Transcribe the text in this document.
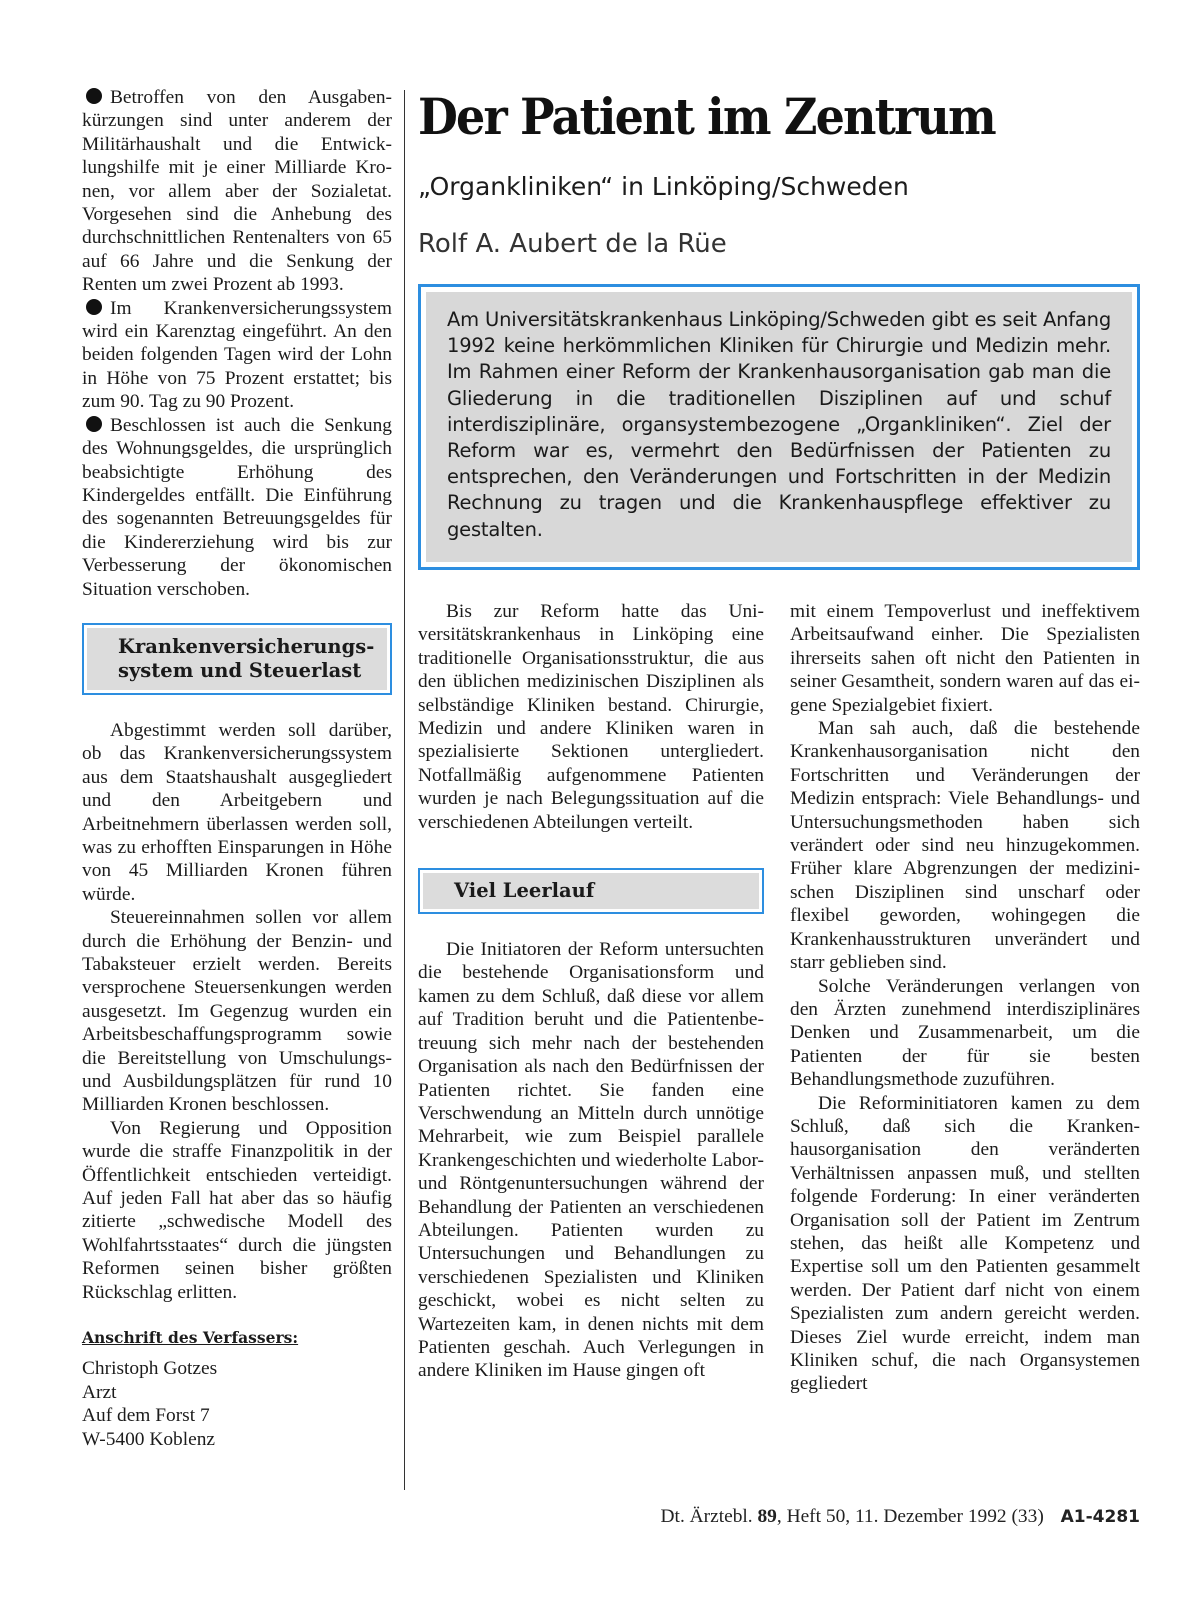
Betroffen von den Ausgabenkürzungen sind unter anderem der Militärhaushalt und die Entwicklungshilfe mit je einer Milliarde Kronen, vor allem aber der Sozialetat. Vorgesehen sind die Anhebung des durchschnittlichen Rentenalters von 65 auf 66 Jahre und die Senkung der Renten um zwei Prozent ab 1993.

Im Krankenversicherungssystem wird ein Karenztag eingeführt. An den beiden folgenden Tagen wird der Lohn in Höhe von 75 Prozent erstattet; bis zum 90. Tag zu 90 Prozent.

Beschlossen ist auch die Senkung des Wohnungsgeldes, die ursprünglich beabsichtigte Erhöhung des Kindergeldes entfällt. Die Einführung des sogenannten Betreuungsgeldes für die Kindererziehung wird bis zur Verbesserung der ökonomischen Situation verschoben.

Krankenversicherungssystem und Steuerlast

Abgestimmt werden soll darüber, ob das Krankenversicherungssystem aus dem Staatshaushalt ausgegliedert und den Arbeitgebern und Arbeitnehmern überlassen werden soll, was zu erhofften Einsparungen in Höhe von 45 Milliarden Kronen führen würde.

Steuereinnahmen sollen vor allem durch die Erhöhung der Benzin- und Tabaksteuer erzielt werden. Bereits versprochene Steuersenkungen werden ausgesetzt. Im Gegenzug wurden ein Arbeitsbeschaffungsprogramm sowie die Bereitstellung von Umschulungs- und Ausbildungsplätzen für rund 10 Milliarden Kronen beschlossen.

Von Regierung und Opposition wurde die straffe Finanzpolitik in der Öffentlichkeit entschieden verteidigt. Auf jeden Fall hat aber das so häufig zitierte „schwedische Modell des Wohlfahrtsstaates“ durch die jüngsten Reformen seinen bisher größten Rückschlag erlitten.

Anschrift des Verfassers:
Christoph Gotzes
Arzt
Auf dem Forst 7
W-5400 Koblenz
Der Patient im Zentrum
„Organkliniken“ in Linköping/Schweden
Rolf A. Aubert de la Rüe

Am Universitätskrankenhaus Linköping/Schweden gibt es seit Anfang 1992 keine herkömmlichen Kliniken für Chirurgie und Medizin mehr. Im Rahmen einer Reform der Krankenhausorganisation gab man die Gliederung in die traditionellen Disziplinen auf und schuf interdisziplinäre, organsystembezogene „Organkliniken“. Ziel der Reform war es, vermehrt den Bedürfnissen der Patienten zu entsprechen, den Veränderungen und Fortschritten in der Medizin Rechnung zu tragen und die Krankenhauspflege effektiver zu gestalten.

Bis zur Reform hatte das Universitätskrankenhaus in Linköping eine traditionelle Organisationsstruktur, die aus den üblichen medizinischen Disziplinen als selbständige Kliniken bestand. Chirurgie, Medizin und andere Kliniken waren in spezialisierte Sektionen untergliedert. Notfallmäßig aufgenommene Patienten wurden je nach Belegungssituation auf die verschiedenen Abteilungen verteilt.

Viel Leerlauf

Die Initiatoren der Reform untersuchten die bestehende Organisationsform und kamen zu dem Schluß, daß diese vor allem auf Tradition beruht und die Patientenbetreuung sich mehr nach der bestehenden Organisation als nach den Bedürfnissen der Patienten richtet. Sie fanden eine Verschwendung an Mitteln durch unnötige Mehrarbeit, wie zum Beispiel parallele Krankengeschichten und wiederholte Labor- und Röntgenuntersuchungen während der Behandlung der Patienten an verschiedenen Abteilungen. Patienten wurden zu Untersuchungen und Behandlungen zu verschiedenen Spezialisten und Kliniken geschickt, wobei es nicht selten zu Wartezeiten kam, in denen nichts mit dem Patienten geschah. Auch Verlegungen in andere Kliniken im Hause gingen oft

mit einem Tempoverlust und ineffektivem Arbeitsaufwand einher. Die Spezialisten ihrerseits sahen oft nicht den Patienten in seiner Gesamtheit, sondern waren auf das eigene Spezialgebiet fixiert.

Man sah auch, daß die bestehende Krankenhausorganisation nicht den Fortschritten und Veränderungen der Medizin entsprach: Viele Behandlungs- und Untersuchungsmethoden haben sich verändert oder sind neu hinzugekommen. Früher klare Abgrenzungen der medizinischen Disziplinen sind unscharf oder flexibel geworden, wohingegen die Krankenhausstrukturen unverändert und starr geblieben sind.

Solche Veränderungen verlangen von den Ärzten zunehmend interdisziplinäres Denken und Zusammenarbeit, um die Patienten der für sie besten Behandlungsmethode zuzuführen.

Die Reforminitiatoren kamen zu dem Schluß, daß sich die Krankenhausorganisation den veränderten Verhältnissen anpassen muß, und stellten folgende Forderung: In einer veränderten Organisation soll der Patient im Zentrum stehen, das heißt alle Kompetenz und Expertise soll um den Patienten gesammelt werden. Der Patient darf nicht von einem Spezialisten zum andern gereicht werden. Dieses Ziel wurde erreicht, indem man Kliniken schuf, die nach Organsystemen gegliedert

Dt. Ärztebl. 89, Heft 50, 11. Dezember 1992 (33) A1-4281
